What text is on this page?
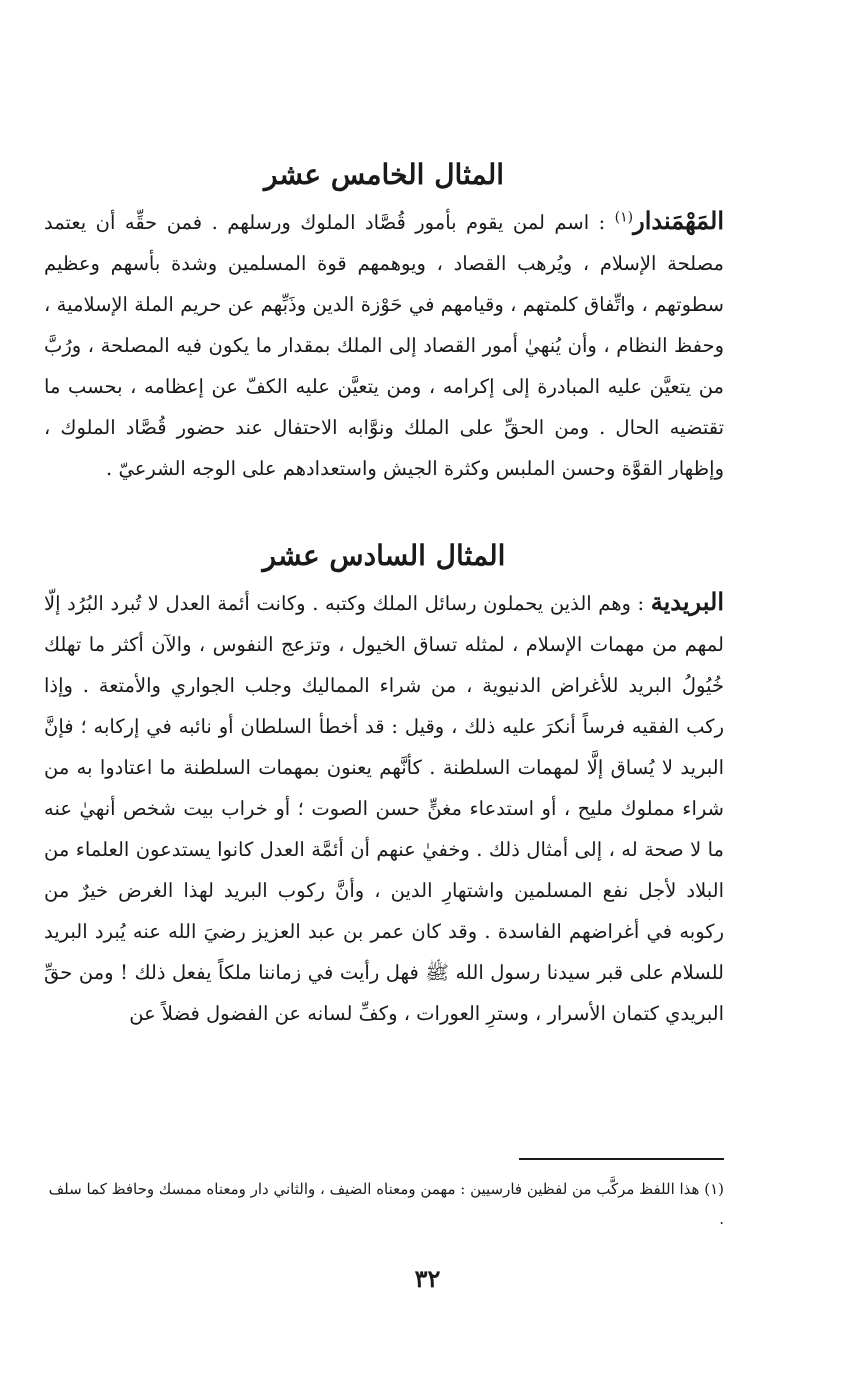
المثال الخامس عشر

المَهْمَندار$^{(١)}$ : اسم لمن يقوم بأمور قُصَّاد الملوك ورسلهم . فمن حقِّه أن يعتمد مصلحة الإسلام ، ويُرهب القصاد ، ويوهمهم قوة المسلمين وشدة بأسهم وعظيم سطوتهم ، واتِّفاق كلمتهم ، وقيامهم في حَوْزة الدين وذَبِّهم عن حريم الملة الإسلامية ، وحفظ النظام ، وأن يُنهيٰ أمور القصاد إلى الملك بمقدار ما يكون فيه المصلحة ، ورُبَّ من يتعيَّن عليه المبادرة إلى إكرامه ، ومن يتعيَّن عليه الكفّ عن إعظامه ، بحسب ما تقتضيه الحال . ومن الحقِّ على الملك ونوَّابه الاحتفال عند حضور قُصَّاد الملوك ، وإظهار القوَّة وحسن الملبس وكثرة الجيش واستعدادهم على الوجه الشرعيّ .

المثال السادس عشر

البريدية : وهم الذين يحملون رسائل الملك وكتبه . وكانت أئمة العدل لا تُبرد البُرُد إلّا لمهم من مهمات الإسلام ، لمثله تساق الخيول ، وتزعج النفوس ، والآن أكثر ما تهلك خُيُولُ البريد للأغراض الدنيوية ، من شراء المماليك وجلب الجواري والأمتعة . وإذا ركب الفقيه فرساً أنكرَ عليه ذلك ، وقيل : قد أخطأ السلطان أو نائبه في إركابه ؛ فإنَّ البريد لا يُساق إلَّا لمهمات السلطنة . كأنَّهم يعنون بمهمات السلطنة ما اعتادوا به من شراء مملوك مليح ، أو استدعاء مغنٍّ حسن الصوت ؛ أو خراب بيت شخص أنهيٰ عنه ما لا صحة له ، إلى أمثال ذلك . وخفيٰ عنهم أن أئمَّة العدل كانوا يستدعون العلماء من البلاد لأجل نفع المسلمين واشتهارِ الدين ، وأنَّ ركوب البريد لهذا الغرض خيرٌ من ركوبه في أغراضهم الفاسدة . وقد كان عمر بن عبد العزيز رضيَ الله عنه يُبرد البريد للسلام على قبر سيدنا رسول الله ﷺ فهل رأيت في زماننا ملكاً يفعل ذلك ! ومن حقِّ البريدي كتمان الأسرار ، وسترِ العورات ، وكفِّ لسانه عن الفضول فضلاً عن

(١) هذا اللفظ مركَّب من لفظين فارسيين : مهمن ومعناه الضيف ، والثاني دار ومعناه ممسك وحافظ كما سلف .
٣٢
